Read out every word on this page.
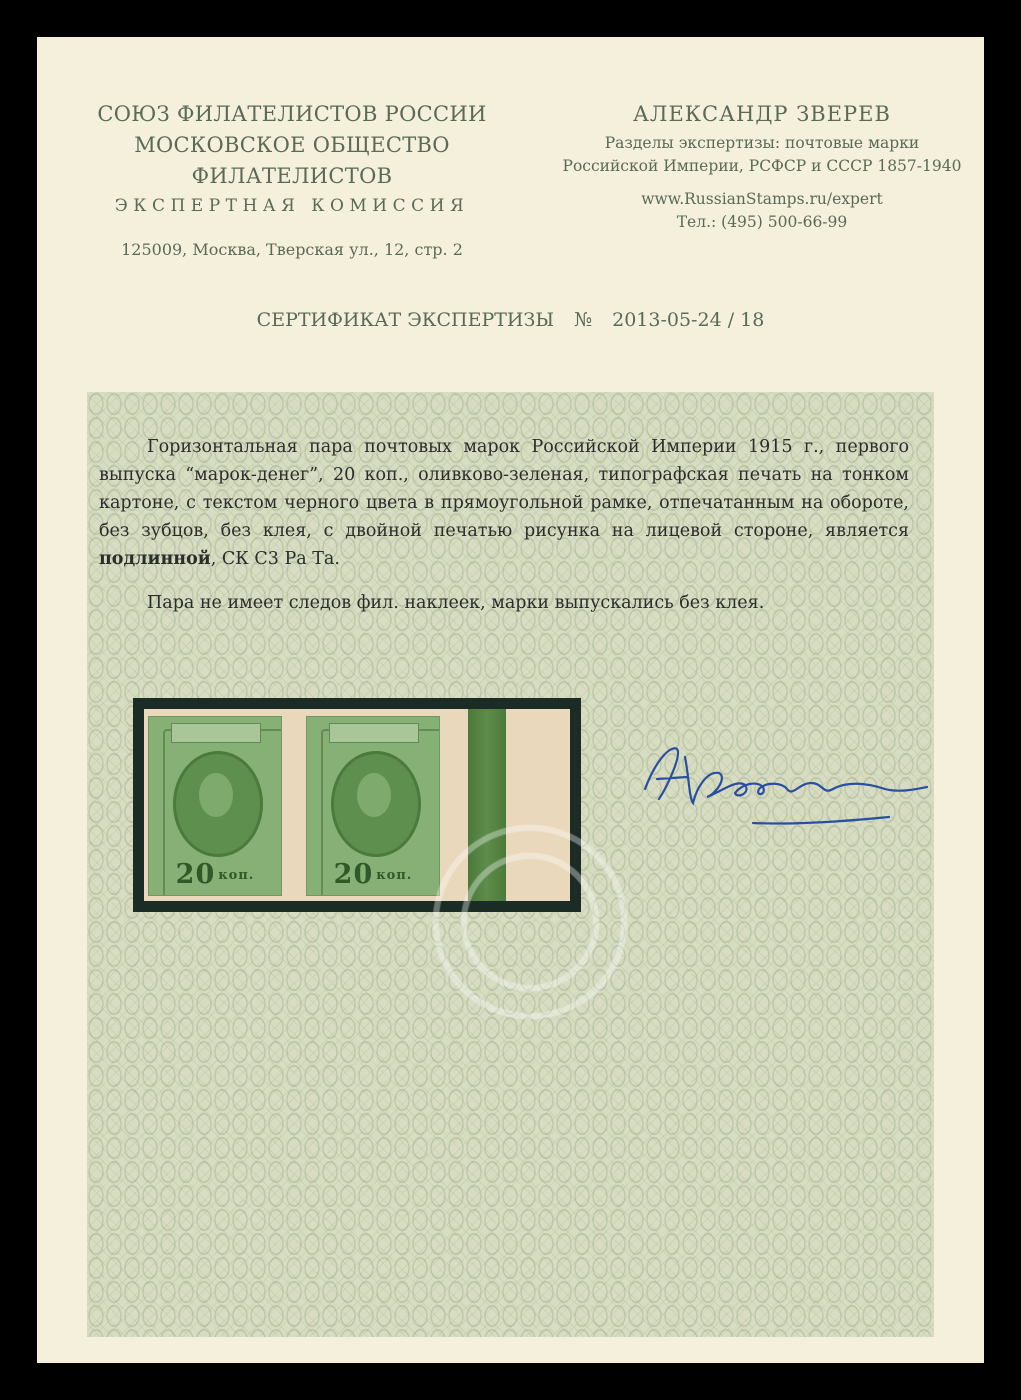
СОЮЗ ФИЛАТЕЛИСТОВ РОССИИ
МОСКОВСКОЕ ОБЩЕСТВО ФИЛАТЕЛИСТОВ
ЭКСПЕРТНАЯ КОМИССИЯ
125009, Москва, Тверская ул., 12, стр. 2
АЛЕКСАНДР ЗВЕРЕВ
Разделы экспертизы: почтовые марки
Российской Империи, РСФСР и СССР 1857-1940
www.RussianStamps.ru/expert
Тел.: (495) 500-66-99
СЕРТИФИКАТ ЭКСПЕРТИЗЫ № 2013-05-24 / 18

Горизонтальная пара почтовых марок Российской Империи 1915 г., первого выпуска “марок-денег”, 20 коп., оливково-зеленая, типографская печать на тонком картоне, с текстом черного цвета в прямоугольной рамке, отпечатанным на обороте, без зубцов, без клея, с двойной печатью рисунка на лицевой стороне, является подлинной, СК С3 Ра Та.

Пара не имеет следов фил. наклеек, марки выпускались без клея.

20 коп.	20 коп.
